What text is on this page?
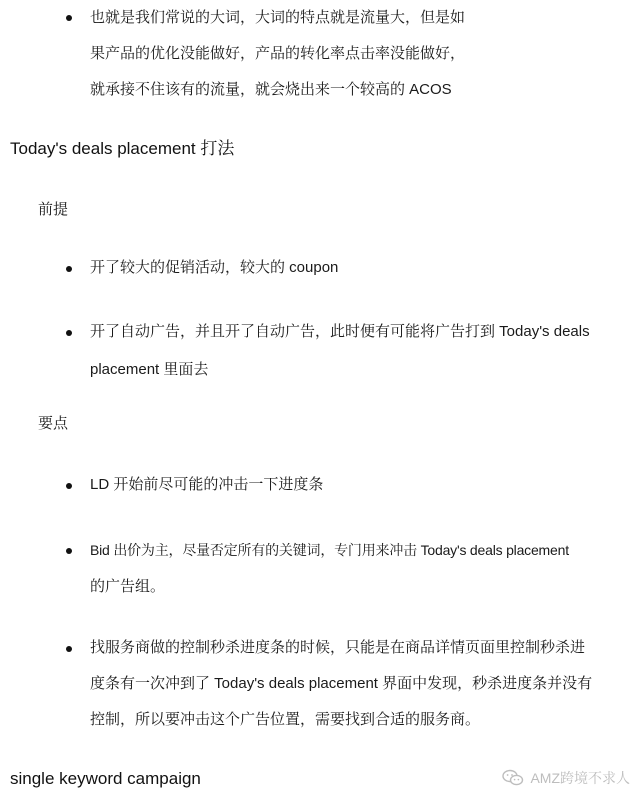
也就是我们常说的大词，大词的特点就是流量大，但是如
果产品的优化没能做好，产品的转化率点击率没能做好，
就承接不住该有的流量，就会烧出来一个较高的 ACOS
Today's deals placement 打法
前提
开了较大的促销活动，较大的 coupon
开了自动广告，并且开了自动广告，此时便有可能将广告打到 Today's deals
placement 里面去
要点
LD 开始前尽可能的冲击一下进度条
Bid 出价为主，尽量否定所有的关键词，专门用来冲击 Today's deals placement
的广告组。
找服务商做的控制秒杀进度条的时候，只能是在商品详情页面里控制秒杀进
度条有一次冲到了 Today's deals placement 界面中发现，秒杀进度条并没有
控制，所以要冲击这个广告位置，需要找到合适的服务商。
single keyword campaign	AMZ跨境不求人
